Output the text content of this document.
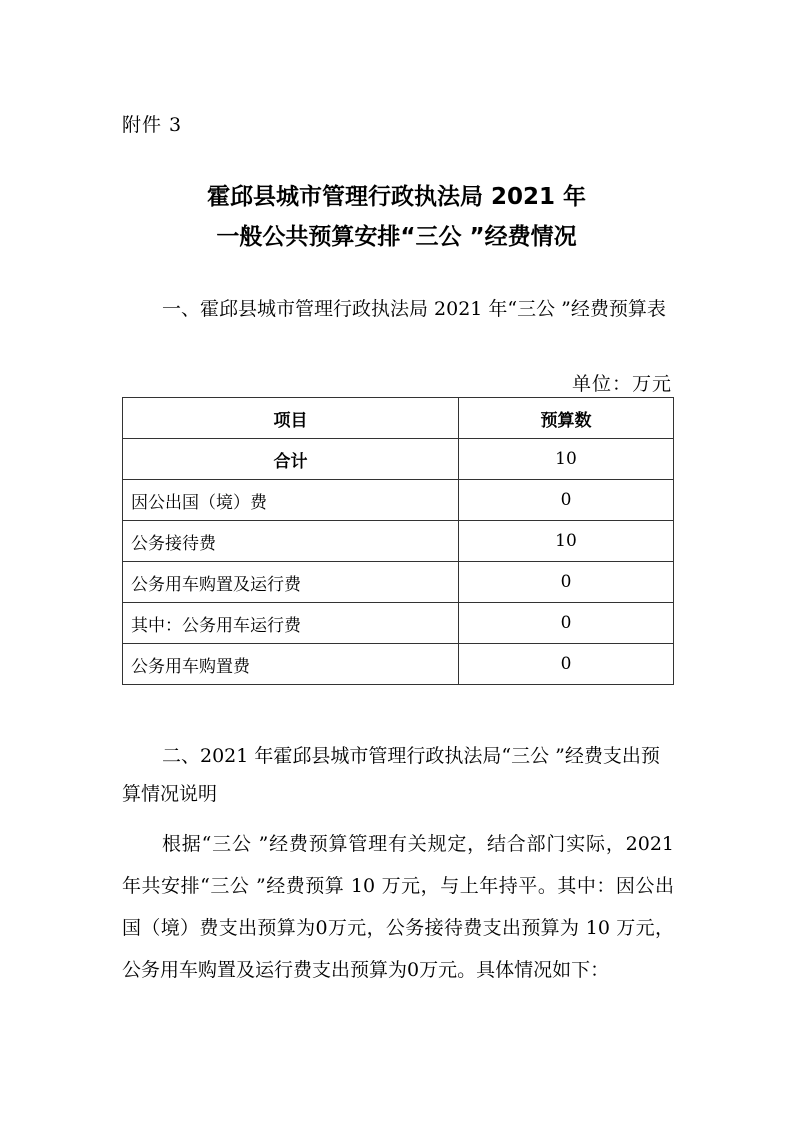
附件 3
霍邱县城市管理行政执法局 2021 年
一般公共预算安排“三公 ”经费情况
一、霍邱县城市管理行政执法局 2021 年“三公 ”经费预算表
单位：万元
项目	预算数
合计	10
因公出国（境）费	0
公务接待费	10
公务用车购置及运行费	0
其中：公务用车运行费	0
公务用车购置费	0
二、2021 年霍邱县城市管理行政执法局“三公 ”经费支出预算情况说明
根据“三公 ”经费预算管理有关规定，结合部门实际，2021 年共安排“三公 ”经费预算 10 万元，与上年持平。其中：因公出国（境）费支出预算为0万元，公务接待费支出预算为 10 万元，公务用车购置及运行费支出预算为0万元。具体情况如下：
